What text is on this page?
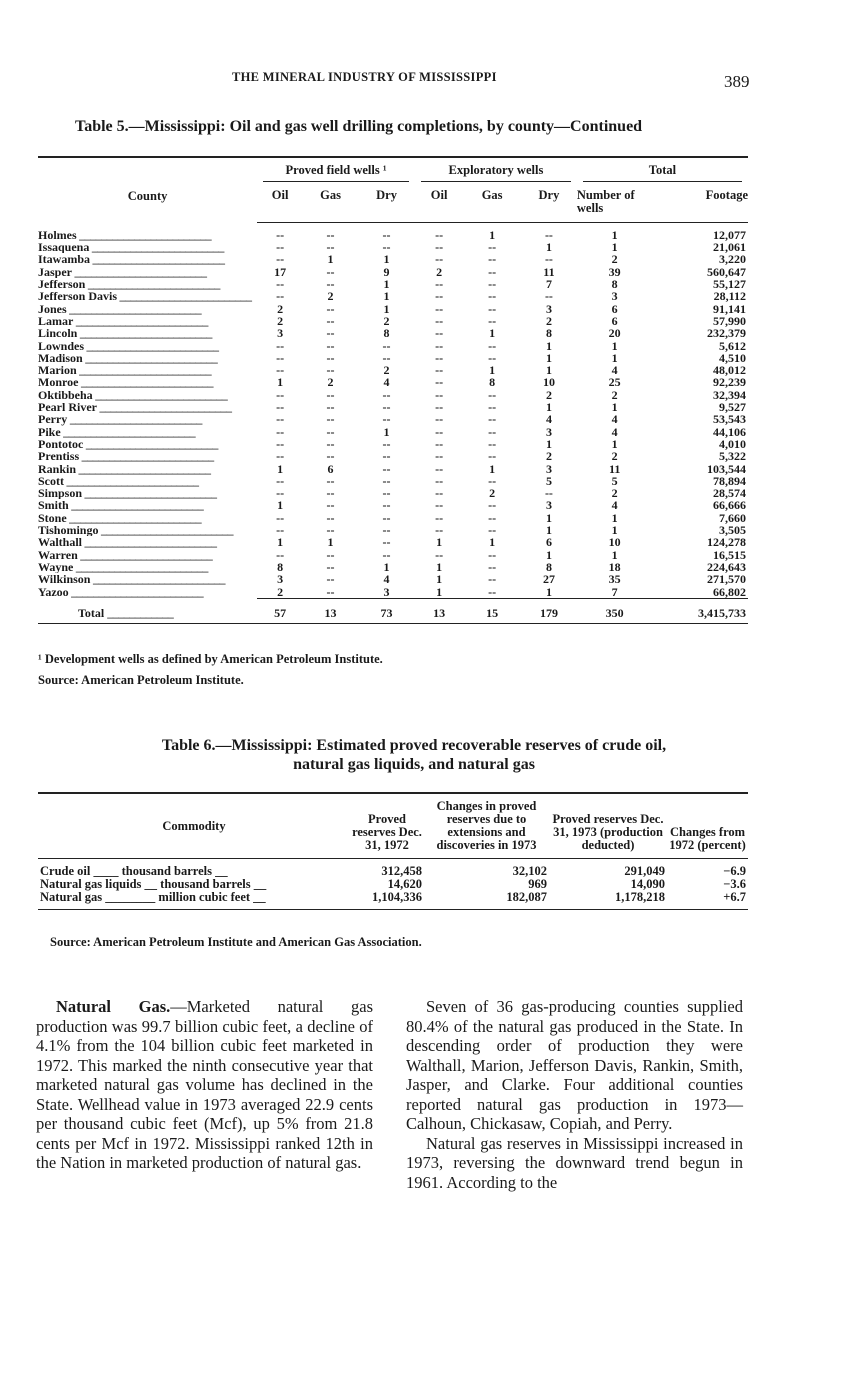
THE MINERAL INDUSTRY OF MISSISSIPPI	389
Table 5.—Mississippi: Oil and gas well drilling completions, by county—Continued
County	Proved field wells ¹			Exploratory wells			Total	

	Oil	Gas	Dry	Oil	Gas	Dry	Number of wells	Footage
Holmes ________________________	--	--	--	--	1	--	1	12,077
Issaquena ________________________	--	--	--	--	--	1	1	21,061
Itawamba ________________________	--	1	1	--	--	--	2	3,220
Jasper ________________________	17	--	9	2	--	11	39	560,647
Jefferson ________________________	--	--	1	--	--	7	8	55,127
Jefferson Davis ________________________	--	2	1	--	--	--	3	28,112
Jones ________________________	2	--	1	--	--	3	6	91,141
Lamar ________________________	2	--	2	--	--	2	6	57,990
Lincoln ________________________	3	--	8	--	1	8	20	232,379
Lowndes ________________________	--	--	--	--	--	1	1	5,612
Madison ________________________	--	--	--	--	--	1	1	4,510
Marion ________________________	--	--	2	--	1	1	4	48,012
Monroe ________________________	1	2	4	--	8	10	25	92,239
Oktibbeha ________________________	--	--	--	--	--	2	2	32,394
Pearl River ________________________	--	--	--	--	--	1	1	9,527
Perry ________________________	--	--	--	--	--	4	4	53,543
Pike ________________________	--	--	1	--	--	3	4	44,106
Pontotoc ________________________	--	--	--	--	--	1	1	4,010
Prentiss ________________________	--	--	--	--	--	2	2	5,322
Rankin ________________________	1	6	--	--	1	3	11	103,544
Scott ________________________	--	--	--	--	--	5	5	78,894
Simpson ________________________	--	--	--	--	2	--	2	28,574
Smith ________________________	1	--	--	--	--	3	4	66,666
Stone ________________________	--	--	--	--	--	1	1	7,660
Tishomingo ________________________	--	--	--	--	--	1	1	3,505
Walthall ________________________	1	1	--	1	1	6	10	124,278
Warren ________________________	--	--	--	--	--	1	1	16,515
Wayne ________________________	8	--	1	1	--	8	18	224,643
Wilkinson ________________________	3	--	4	1	--	27	35	271,570
Yazoo ________________________	2	--	3	1	--	1	7	66,802
Total ____________	57	13	73	13	15	179	350	3,415,733
¹ Development wells as defined by American Petroleum Institute.
Source: American Petroleum Institute.
Table 6.—Mississippi: Estimated proved recoverable reserves of crude oil,
natural gas liquids, and natural gas
Commodity	Proved reserves Dec. 31, 1972	Changes in proved reserves due to extensions and discoveries in 1973	Proved reserves Dec. 31, 1973 (production deducted)	Changes from 1972 (percent)
Crude oil ____ thousand barrels __	312,458	32,102	291,049	−6.9
Natural gas liquids __ thousand barrels __	14,620	969	14,090	−3.6
Natural gas ________ million cubic feet __	1,104,336	182,087	1,178,218	+6.7
Source: American Petroleum Institute and American Gas Association.

Natural Gas.—Marketed natural gas production was 99.7 billion cubic feet, a decline of 4.1% from the 104 billion cubic feet marketed in 1972. This marked the ninth consecutive year that marketed natural gas volume has declined in the State. Wellhead value in 1973 averaged 22.9 cents per thousand cubic feet (Mcf), up 5% from 21.8 cents per Mcf in 1972. Mississippi ranked 12th in the Nation in marketed production of natural gas.

Seven of 36 gas-producing counties supplied 80.4% of the natural gas produced in the State. In descending order of production they were Walthall, Marion, Jefferson Davis, Rankin, Smith, Jasper, and Clarke. Four additional counties reported natural gas production in 1973—Calhoun, Chickasaw, Copiah, and Perry.

Natural gas reserves in Mississippi increased in 1973, reversing the downward trend begun in 1961. According to the
